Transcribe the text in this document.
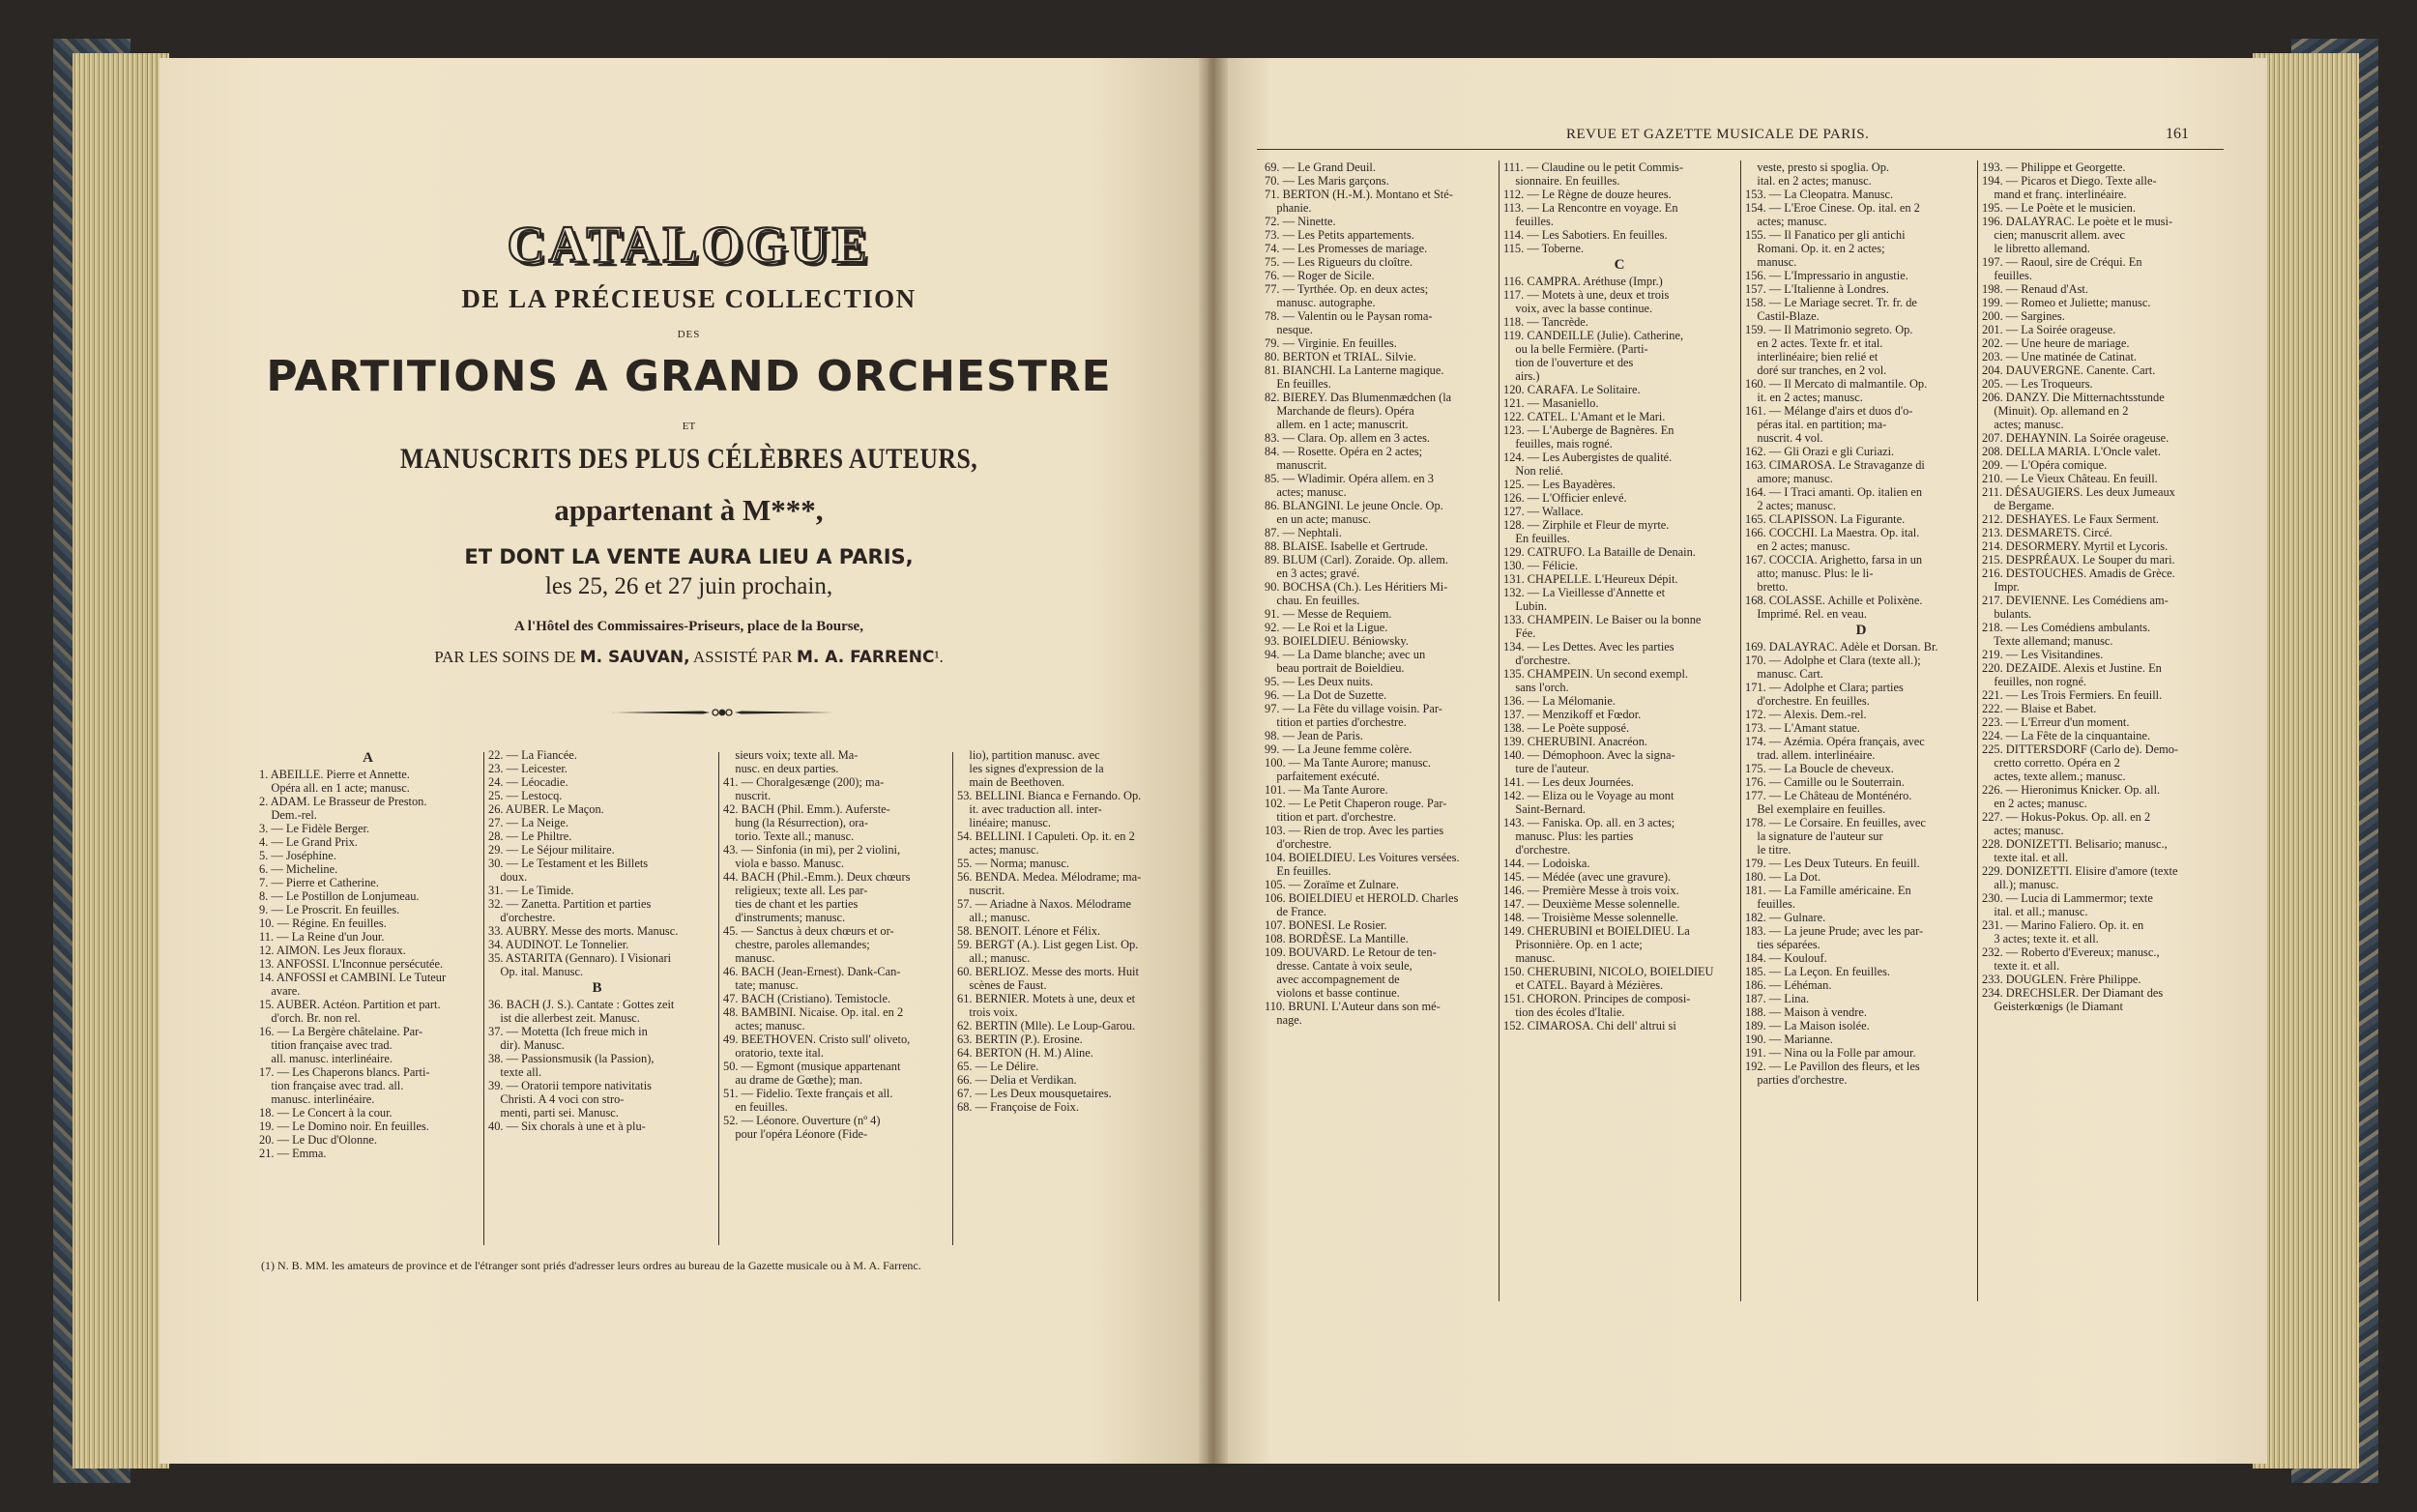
CATALOGUE
DE LA PRÉCIEUSE COLLECTION
DES
PARTITIONS A GRAND ORCHESTRE
ET
MANUSCRITS DES PLUS CÉLÈBRES AUTEURS,
appartenant à M***,
ET DONT LA VENTE AURA LIEU A PARIS,
les 25, 26 et 27 juin prochain,
A l'Hôtel des Commissaires-Priseurs, place de la Bourse,
PAR LES SOINS DE M. SAUVAN, ASSISTÉ PAR M. A. FARRENC¹.
A
1. ABEILLE. Pierre et Annette.
Opéra all. en 1 acte; manusc.
2. ADAM. Le Brasseur de Preston.
Dem.-rel.
3. — Le Fidèle Berger.
4. — Le Grand Prix.
5. — Joséphine.
6. — Micheline.
7. — Pierre et Catherine.
8. — Le Postillon de Lonjumeau.
9. — Le Proscrit. En feuilles.
10. — Régine. En feuilles.
11. — La Reine d'un Jour.
12. AIMON. Les Jeux floraux.
13. ANFOSSI. L'Inconnue persécutée.
14. ANFOSSI et CAMBINI. Le Tuteur
avare.
15. AUBER. Actéon. Partition et part.
d'orch. Br. non rel.
16. — La Bergère châtelaine. Par-
tition française avec trad.
all. manusc. interlinéaire.
17. — Les Chaperons blancs. Parti-
tion française avec trad. all.
manusc. interlinéaire.
18. — Le Concert à la cour.
19. — Le Domino noir. En feuilles.
20. — Le Duc d'Olonne.
21. — Emma.
22. — La Fiancée.
23. — Leicester.
24. — Léocadie.
25. — Lestocq.
26. AUBER. Le Maçon.
27. — La Neige.
28. — Le Philtre.
29. — Le Séjour militaire.
30. — Le Testament et les Billets
doux.
31. — Le Timide.
32. — Zanetta. Partition et parties
d'orchestre.
33. AUBRY. Messe des morts. Manusc.
34. AUDINOT. Le Tonnelier.
35. ASTARITA (Gennaro). I Visionari
Op. ital. Manusc.
B
36. BACH (J. S.). Cantate : Gottes zeit
ist die allerbest zeit. Manusc.
37. — Motetta (Ich freue mich in
dir). Manusc.
38. — Passionsmusik (la Passion),
texte all.
39. — Oratorii tempore nativitatis
Christi. A 4 voci con stro-
menti, parti sei. Manusc.
40. — Six chorals à une et à plu-
sieurs voix; texte all. Ma-
nusc. en deux parties.
41. — Choralgesænge (200); ma-
nuscrit.
42. BACH (Phil. Emm.). Auferste-
hung (la Résurrection), ora-
torio. Texte all.; manusc.
43. — Sinfonia (in mi), per 2 violini,
viola e basso. Manusc.
44. BACH (Phil.-Emm.). Deux chœurs
religieux; texte all. Les par-
ties de chant et les parties
d'instruments; manusc.
45. — Sanctus à deux chœurs et or-
chestre, paroles allemandes;
manusc.
46. BACH (Jean-Ernest). Dank-Can-
tate; manusc.
47. BACH (Cristiano). Temistocle.
48. BAMBINI. Nicaise. Op. ital. en 2
actes; manusc.
49. BEETHOVEN. Cristo sull' oliveto,
oratorio, texte ital.
50. — Egmont (musique appartenant
au drame de Gœthe); man.
51. — Fidelio. Texte français et all.
en feuilles.
52. — Léonore. Ouverture (nº 4)
pour l'opéra Léonore (Fide-
lio), partition manusc. avec
les signes d'expression de la
main de Beethoven.
53. BELLINI. Bianca e Fernando. Op.
it. avec traduction all. inter-
linéaire; manusc.
54. BELLINI. I Capuleti. Op. it. en 2
actes; manusc.
55. — Norma; manusc.
56. BENDA. Medea. Mélodrame; ma-
nuscrit.
57. — Ariadne à Naxos. Mélodrame
all.; manusc.
58. BENOIT. Lénore et Félix.
59. BERGT (A.). List gegen List. Op.
all.; manusc.
60. BERLIOZ. Messe des morts. Huit
scènes de Faust.
61. BERNIER. Motets à une, deux et
trois voix.
62. BERTIN (Mlle). Le Loup-Garou.
63. BERTIN (P.). Erosine.
64. BERTON (H. M.) Aline.
65. — Le Délire.
66. — Delia et Verdikan.
67. — Les Deux mousquetaires.
68. — Françoise de Foix.
69. — Le Grand Deuil.
70. — Les Maris garçons.
71. BERTON (H.-M.). Montano et Sté-
phanie.
72. — Ninette.
73. — Les Petits appartements.
74. — Les Promesses de mariage.
75. — Les Rigueurs du cloître.
76. — Roger de Sicile.
77. — Tyrthée. Op. en deux actes;
manusc. autographe.
78. — Valentin ou le Paysan roma-
nesque.
79. — Virginie. En feuilles.
80. BERTON et TRIAL. Silvie.
81. BIANCHI. La Lanterne magique.
En feuilles.
82. BIEREY. Das Blumenmædchen (la
Marchande de fleurs). Opéra
allem. en 1 acte; manuscrit.
83. — Clara. Op. allem en 3 actes.
84. — Rosette. Opéra en 2 actes;
manuscrit.
85. — Wladimir. Opéra allem. en 3
actes; manusc.
86. BLANGINI. Le jeune Oncle. Op.
en un acte; manusc.
87. — Nephtali.
88. BLAISE. Isabelle et Gertrude.
89. BLUM (Carl). Zoraide. Op. allem.
en 3 actes; gravé.
90. BOCHSA (Ch.). Les Héritiers Mi-
chau. En feuilles.
91. — Messe de Requiem.
92. — Le Roi et la Ligue.
93. BOIELDIEU. Béniowsky.
94. — La Dame blanche; avec un
beau portrait de Boieldieu.
95. — Les Deux nuits.
96. — La Dot de Suzette.
97. — La Fête du village voisin. Par-
tition et parties d'orchestre.
98. — Jean de Paris.
99. — La Jeune femme colère.
100. — Ma Tante Aurore; manusc.
parfaitement exécuté.
101. — Ma Tante Aurore.
102. — Le Petit Chaperon rouge. Par-
tition et part. d'orchestre.
103. — Rien de trop. Avec les parties
d'orchestre.
104. BOIELDIEU. Les Voitures versées.
En feuilles.
105. — Zoraïme et Zulnare.
106. BOIELDIEU et HEROLD. Charles
de France.
107. BONESI. Le Rosier.
108. BORDÈSE. La Mantille.
109. BOUVARD. Le Retour de ten-
dresse. Cantate à voix seule,
avec accompagnement de
violons et basse continue.
110. BRUNI. L'Auteur dans son mé-
nage.
111. — Claudine ou le petit Commis-
sionnaire. En feuilles.
112. — Le Règne de douze heures.
113. — La Rencontre en voyage. En
feuilles.
114. — Les Sabotiers. En feuilles.
115. — Toberne.
C
116. CAMPRA. Aréthuse (Impr.)
117. — Motets à une, deux et trois
voix, avec la basse continue.
118. — Tancrède.
119. CANDEILLE (Julie). Catherine,
ou la belle Fermière. (Parti-
tion de l'ouverture et des
airs.)
120. CARAFA. Le Solitaire.
121. — Masaniello.
122. CATEL. L'Amant et le Mari.
123. — L'Auberge de Bagnères. En
feuilles, mais rogné.
124. — Les Aubergistes de qualité.
Non relié.
125. — Les Bayadères.
126. — L'Officier enlevé.
127. — Wallace.
128. — Zirphile et Fleur de myrte.
En feuilles.
129. CATRUFO. La Bataille de Denain.
130. — Félicie.
131. CHAPELLE. L'Heureux Dépit.
132. — La Vieillesse d'Annette et
Lubin.
133. CHAMPEIN. Le Baiser ou la bonne
Fée.
134. — Les Dettes. Avec les parties
d'orchestre.
135. CHAMPEIN. Un second exempl.
sans l'orch.
136. — La Mélomanie.
137. — Menzikoff et Fœdor.
138. — Le Poète supposé.
139. CHERUBINI. Anacréon.
140. — Démophoon. Avec la signa-
ture de l'auteur.
141. — Les deux Journées.
142. — Eliza ou le Voyage au mont
Saint-Bernard.
143. — Faniska. Op. all. en 3 actes;
manusc. Plus: les parties
d'orchestre.
144. — Lodoiska.
145. — Médée (avec une gravure).
146. — Première Messe à trois voix.
147. — Deuxième Messe solennelle.
148. — Troisième Messe solennelle.
149. CHERUBINI et BOIELDIEU. La
Prisonnière. Op. en 1 acte;
manusc.
150. CHERUBINI, NICOLO, BOIELDIEU
et CATEL. Bayard à Mézières.
151. CHORON. Principes de composi-
tion des écoles d'Italie.
152. CIMAROSA. Chi dell' altrui si
veste, presto si spoglia. Op.
ital. en 2 actes; manusc.
153. — La Cleopatra. Manusc.
154. — L'Eroe Cinese. Op. ital. en 2
actes; manusc.
155. — Il Fanatico per gli antichi
Romani. Op. it. en 2 actes;
manusc.
156. — L'Impressario in angustie.
157. — L'Italienne à Londres.
158. — Le Mariage secret. Tr. fr. de
Castil-Blaze.
159. — Il Matrimonio segreto. Op.
en 2 actes. Texte fr. et ital.
interlinéaire; bien relié et
doré sur tranches, en 2 vol.
160. — Il Mercato di malmantile. Op.
it. en 2 actes; manusc.
161. — Mélange d'airs et duos d'o-
péras ital. en partition; ma-
nuscrit. 4 vol.
162. — Gli Orazi e gli Curiazi.
163. CIMAROSA. Le Stravaganze di
amore; manusc.
164. — I Traci amanti. Op. italien en
2 actes; manusc.
165. CLAPISSON. La Figurante.
166. COCCHI. La Maestra. Op. ital.
en 2 actes; manusc.
167. COCCIA. Arighetto, farsa in un
atto; manusc. Plus: le li-
bretto.
168. COLASSE. Achille et Polixène.
Imprimé. Rel. en veau.
D
169. DALAYRAC. Adèle et Dorsan. Br.
170. — Adolphe et Clara (texte all.);
manusc. Cart.
171. — Adolphe et Clara; parties
d'orchestre. En feuilles.
172. — Alexis. Dem.-rel.
173. — L'Amant statue.
174. — Azémia. Opéra français, avec
trad. allem. interlinéaire.
175. — La Boucle de cheveux.
176. — Camille ou le Souterrain.
177. — Le Château de Monténéro.
Bel exemplaire en feuilles.
178. — Le Corsaire. En feuilles, avec
la signature de l'auteur sur
le titre.
179. — Les Deux Tuteurs. En feuill.
180. — La Dot.
181. — La Famille américaine. En
feuilles.
182. — Gulnare.
183. — La jeune Prude; avec les par-
ties séparées.
184. — Koulouf.
185. — La Leçon. En feuilles.
186. — Léhéman.
187. — Lina.
188. — Maison à vendre.
189. — La Maison isolée.
190. — Marianne.
191. — Nina ou la Folle par amour.
192. — Le Pavillon des fleurs, et les
parties d'orchestre.
193. — Philippe et Georgette.
194. — Picaros et Diego. Texte alle-
mand et franç. interlinéaire.
195. — Le Poète et le musicien.
196. DALAYRAC. Le poète et le musi-
cien; manuscrit allem. avec
le libretto allemand.
197. — Raoul, sire de Créqui. En
feuilles.
198. — Renaud d'Ast.
199. — Romeo et Juliette; manusc.
200. — Sargines.
201. — La Soirée orageuse.
202. — Une heure de mariage.
203. — Une matinée de Catinat.
204. DAUVERGNE. Canente. Cart.
205. — Les Troqueurs.
206. DANZY. Die Mitternachtsstunde
(Minuit). Op. allemand en 2
actes; manusc.
207. DEHAYNIN. La Soirée orageuse.
208. DELLA MARIA. L'Oncle valet.
209. — L'Opéra comique.
210. — Le Vieux Château. En feuill.
211. DÉSAUGIERS. Les deux Jumeaux
de Bergame.
212. DESHAYES. Le Faux Serment.
213. DESMARETS. Circé.
214. DESORMERY. Myrtil et Lycoris.
215. DESPRÉAUX. Le Souper du mari.
216. DESTOUCHES. Amadis de Grèce.
Impr.
217. DEVIENNE. Les Comédiens am-
bulants.
218. — Les Comédiens ambulants.
Texte allemand; manusc.
219. — Les Visitandines.
220. DEZAIDE. Alexis et Justine. En
feuilles, non rogné.
221. — Les Trois Fermiers. En feuill.
222. — Blaise et Babet.
223. — L'Erreur d'un moment.
224. — La Fête de la cinquantaine.
225. DITTERSDORF (Carlo de). Demo-
cretto corretto. Opéra en 2
actes, texte allem.; manusc.
226. — Hieronimus Knicker. Op. all.
en 2 actes; manusc.
227. — Hokus-Pokus. Op. all. en 2
actes; manusc.
228. DONIZETTI. Belisario; manusc.,
texte ital. et all.
229. DONIZETTI. Elisire d'amore (texte
all.); manusc.
230. — Lucia di Lammermor; texte
ital. et all.; manusc.
231. — Marino Faliero. Op. it. en
3 actes; texte it. et all.
232. — Roberto d'Evereux; manusc.,
texte it. et all.
233. DOUGLEN. Frère Philippe.
234. DRECHSLER. Der Diamant des
Geisterkœnigs (le Diamant
(1) N. B. MM. les amateurs de province et de l'étranger sont priés d'adresser leurs ordres au bureau de la Gazette musicale ou à M. A. Farrenc.
REVUE ET GAZETTE MUSICALE DE PARIS.	161
